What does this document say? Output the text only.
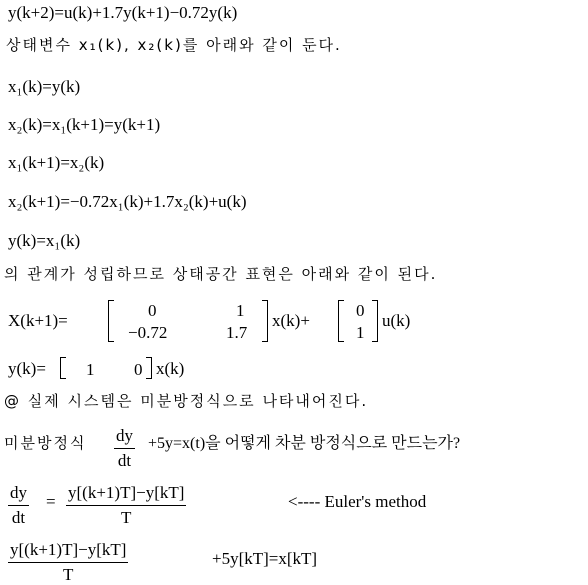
y(k+2)=u(k)+1.7y(k+1)−0.72y(k)
상태변수 x₁(k), x₂(k)를 아래와 같이 둔다.
x₁(k)=y(k)
x₂(k)=x₁(k+1)=y(k+1)
x₁(k+1)=x₂(k)
x₂(k+1)=−0.72x₁(k)+1.7x₂(k)+u(k)
y(k)=x₁(k)
의 관계가 성립하므로 상태공간 표현은 아래와 같이 된다.
X(k+1)=
0	1
−0.72	1.7
x(k)+
0
1
u(k)
y(k)= 1 0 x(k)
@ 실제 시스템은 미분방정식으로 나타내어진다.
미분방정식 $\frac{dy}{dt} +5y=x(t)$을 어떻게 차분 방정식으로 만드는가?
$\frac{dy}{dt} = \frac{y[(k+1)T]-y[kT]}{T}$	<---- Euler's method
$\frac{y[(k+1)T]-y[kT]}{T}$	+5y[kT]=x[kT]
